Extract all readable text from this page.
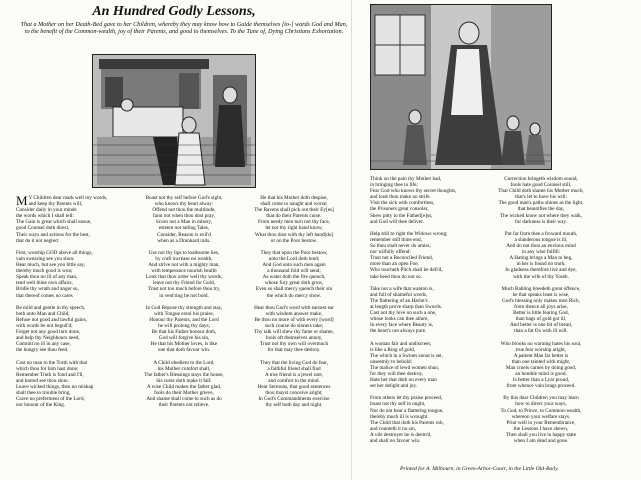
An Hundred Godly Lessons,
That a Mother on her Death-Bed gave to her Children, whereby they may know how to Guide themselves [to-] wards God and Man, to the benefit of the Common-wealth, joy of their Parents, and good to themselves. To the Tune of, Dying Christians Exhortation.
M Y Children dear mark well my words,
and keep thy Parents will,
Consider daily in your minds
the words which I shall tell:
The Gain is great which shall ensue,
good Counsel doth direct,
Their ways and actions for the best,
that do it not neglect

First, worship GOD above all things,
vain swearing see you shun:
Hear much, but see you little say,
thereby much good is won;
Speak thou no ill of any man,
tend well thine own affairs,
Bridle thy wrath and anger so,
that thereof comes no cares

Be mild and gentle in thy speech,
both unto Man and Child,
Refuse not good and lawful gains,
with words be not beguil'd;
Forget not any good turn done,
and help thy Neighbours need,
Commit no ill in any case,
the hungry see thou feed.

Cost no man to the Torth with that
which thou for him hast done;
Remember Truth is fond and I'll,
and barred see thou shun.
Leave wicked things, then no mishap
shall thee to trouble bring,
Crave no preferment of the Lord,
nor honour of the King.
Boast not thy self before God's sight,
who knows thy heart alway:
Offend not thou the multitude,
faint not when thou dost pray,
Scorn not a Man in misery,
esteem not tatling Tales,
Consider, Reason is exil'd
when as a Drunkard rails.

Use not thy lips to loathsome lies,
by craft increase no wealth,
And strive not with a mighty man,
with temperance nourish health
Look that thou order well thy words,
leave not thy Friend for Gold,
Trust not too much before thou try,
in vent'ring be not bold.

In God Repose thy strength and stay,
with Tongue extol his praise,
Honour thy Parents, and the Lord
he will prolong thy days;
Be that his Father honour doth,
God will forgive his sin,
He that his Mother loves, is like
one that doth favour win.

A Child obedient to the Lord,
his Mother comfort shall,
The father's Blessings stays the house,
his curse doth make it fall:
A wise Child makes the father glad,
fools do their Mother grieve,
And shame shall come to such as do
their Parents not relieve.
He that his Mother doth despise,
shall come to naught and worse;
The Ravens shall pick out their Ey[es]
that do their Parents curse.
From needy men turn not thy face,
let not thy right hand know,
What thou dost with thy left hand[do]
or on the Poor bestow.

They that upon the Poor bestow,
unto the Lord doth lend;
And God unto such men again
a thousand fold will send;
As water doth the fire quench,
whose fury great doth grow,
Even so shall mercy quench their sin
the which do mercy show.

Hear thou God's word with earnest ear
with wisdom answer make,
Be thou no more of with every [word]
such course do sinners take;
Thy talk will shew thy fame or shame,
fools oft themselves annoy,
Trust not thy own will overmuch
for that may thee destroy.

They that the living God do fear,
a faithful friend shall find
A true friend is a jewel rare,
and comfort to the mind.
Hear Sermons, that good sentences
thou mayst conceive aright,
In God's Commandments exercise
thy self both day and night.
Think on the pain thy Mother had,
in bringing thee to life;
Fear God who knows thy secret thoughts,
and look thou make no strife.
Visit the sick with comfortless,
the Prisoners great consoler,
Shew pitty to the Fatherl[e]ss,
and God will thee deliver.

Help still to right the Widows wrong;
remember still thine end,
So thou shalt never do amiss,
nor wilfully offend:
Trust not a Reconciled Friend,
more than an open Foe,
Who toucheth Pitch shall be defi'd,
take heed thou do not so.

Take not a wife that wanton is,
and full of shameful words,
The flattering of an Harlot's
at length prove sharp than Swords.
Cast not thy love on such a one,
whose looks can thee allure,
In every face where Beauty is,
the heart's not always pure.

A woman fair and undiscreet,
is like a Ring of gold,
The which in a Swines snout is set,
unseemly to behold:
The malice of lewd women shun,
for they will thee destroy,
Hate her that doth on every man
set her delight and joy.

From others let thy praise proceed,
boast not thy self in ought,
Nor do not hear a flattering tongue,
thereby much ill is wrought.
The Child that doth his Parents rob,
and counteth it no sin,
A vile destroyer he is deem'd,
and shall no favour win.
Correction bringeth wisdom sound,
fools hate good Counsel still,
That Child doth shame his Mother much,
that's let to have his will:
The good man's paths shines as the light,
that beautifies the day,
The wicked know not where they walk,
for darkness is their way.

Put far from thee a froward mouth,
a slanderous tongue is ill,
And do not thou an envious mind
in any wise fulfill:
A Hating brings a Man to beg,
in her is found no truth,
In gladness therefore live and dye,
with the wife of thy Youth.

Much Babling breedeth great offence,
he that speaks least is wise,
God's blessing only makes men Rich,
from thence all joys arise,
Better is little fearing God,
than bags of gold got ill,
And better is one bit of bread,
than a fat Ox with ill will.

Who brooks no warning hates his soul,
true fear worship aright,
A patient Man far better is
than one tainted with might,
Man cruels carnes by doing good,
an humble mind is good,
Is better than a Lyar proud,
from whence vain brags proceed.

By this dear Children you may learn
how to direct your ways,
To God, to Prince, to Common-wealth,
whereon your welfare stays.
Print well in your Remembrance,
the Lessons I have shewn,
Then shall you live in happy state
when I am dead and gone.
Printed for A. Milbourn, in Green-Arbor-Court, in the Little Old-Baily.
